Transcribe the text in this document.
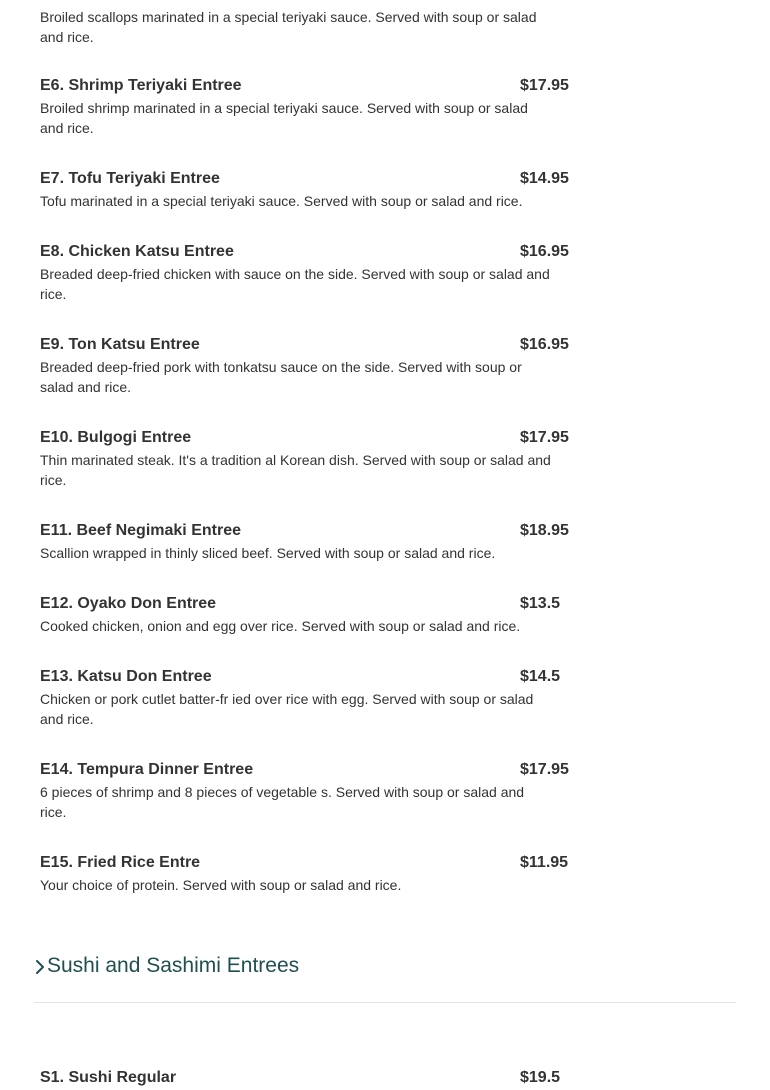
Broiled scallops marinated in a special teriyaki sauce. Served with soup or salad and rice.
E6. Shrimp Teriyaki Entree	$17.95
Broiled shrimp marinated in a special teriyaki sauce. Served with soup or salad and rice.
E7. Tofu Teriyaki Entree	$14.95
Tofu marinated in a special teriyaki sauce. Served with soup or salad and rice.
E8. Chicken Katsu Entree	$16.95
Breaded deep-fried chicken with sauce on the side. Served with soup or salad and rice.
E9. Ton Katsu Entree	$16.95
Breaded deep-fried pork with tonkatsu sauce on the side. Served with soup or salad and rice.
E10. Bulgogi Entree	$17.95
Thin marinated steak. It's a tradition al Korean dish. Served with soup or salad and rice.
E11. Beef Negimaki Entree	$18.95
Scallion wrapped in thinly sliced beef. Served with soup or salad and rice.
E12. Oyako Don Entree	$13.5
Cooked chicken, onion and egg over rice. Served with soup or salad and rice.
E13. Katsu Don Entree	$14.5
Chicken or pork cutlet batter-fr ied over rice with egg. Served with soup or salad and rice.
E14. Tempura Dinner Entree	$17.95
6 pieces of shrimp and 8 pieces of vegetable s. Served with soup or salad and rice.
E15. Fried Rice Entre	$11.95
Your choice of protein. Served with soup or salad and rice.
Sushi and Sashimi Entrees
S1. Sushi Regular	$19.5
